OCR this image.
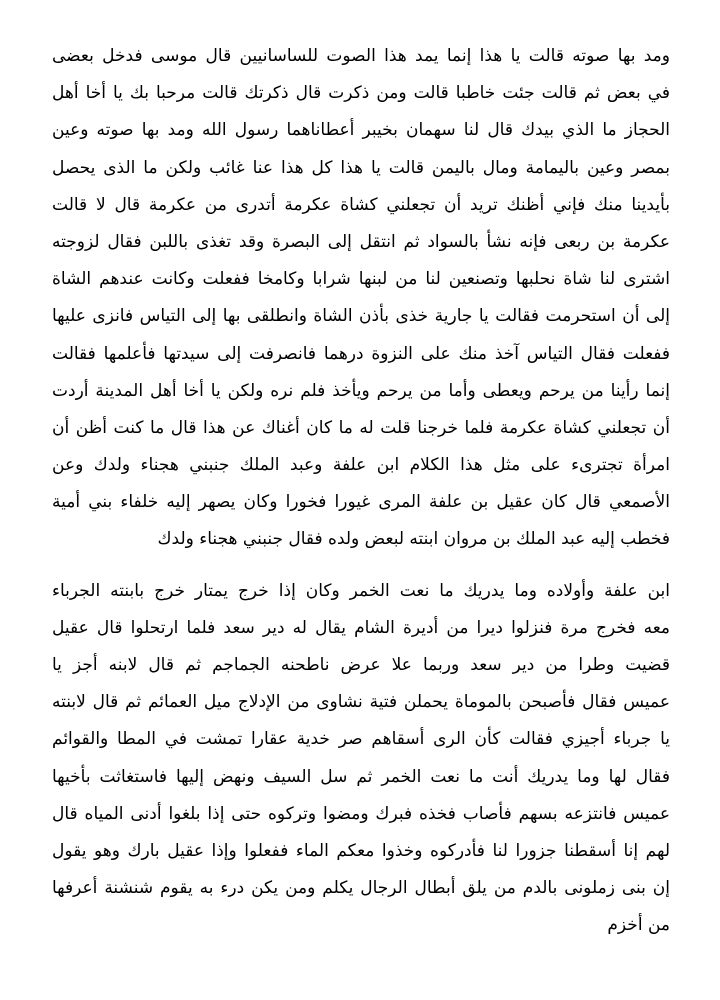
ومد بها صوته قالت يا هذا إنما يمد هذا الصوت للساسانيين قال موسى فدخل بعضى
في بعض ثم قالت جئت خاطبا قالت ومن ذكرت قال ذكرتك قالت مرحبا بك يا أخا أهل
الحجاز ما الذي بيدك قال لنا سهمان بخيبر أعطاناهما رسول الله ومد بها صوته وعين
بمصر وعين باليمامة ومال باليمن قالت يا هذا كل هذا عنا غائب ولكن ما الذى يحصل
بأيدينا منك فإني أظنك تريد أن تجعلني كشاة عكرمة أتدرى من عكرمة قال لا قالت
عكرمة بن ربعى فإنه نشأ بالسواد ثم انتقل إلى البصرة وقد تغذى باللبن فقال لزوجته
اشترى لنا شاة نحلبها وتصنعين لنا من لبنها شرابا وكامخا ففعلت وكانت عندهم الشاة
إلى أن استحرمت فقالت يا جارية خذى بأذن الشاة وانطلقى بها إلى التياس فانزى عليها
ففعلت فقال التياس آخذ منك على النزوة درهما فانصرفت إلى سيدتها فأعلمها فقالت
إنما رأينا من يرحم ويعطى وأما من يرحم ويأخذ فلم نره ولكن يا أخا أهل المدينة أردت
أن تجعلني كشاة عكرمة فلما خرجنا قلت له ما كان أغناك عن هذا قال ما كنت أظن أن
امرأة تجترىء على مثل هذا الكلام ابن علفة وعبد الملك جنبني هجناء ولدك وعن
الأصمعي قال كان عقيل بن علفة المرى غيورا فخورا وكان يصهر إليه خلفاء بني أمية
فخطب إليه عبد الملك بن مروان ابنته لبعض ولده فقال جنبني هجناء ولدك
ابن علفة وأولاده وما يدريك ما نعت الخمر وكان إذا خرج يمتار خرج بابنته الجرباء
معه فخرج مرة فنزلوا ديرا من أديرة الشام يقال له دير سعد فلما ارتحلوا قال عقيل
قضيت وطرا من دير سعد وربما علا عرض ناطحنه الجماجم ثم قال لابنه أجز يا
عميس فقال فأصبحن بالموماة يحملن فتية نشاوى من الإدلاج ميل العمائم ثم قال لابنته
يا جرباء أجيزي فقالت كأن الرى أسقاهم صر خدية عقارا تمشت في المطا والقوائم
فقال لها وما يدريك أنت ما نعت الخمر ثم سل السيف ونهض إليها فاستغاثت بأخيها
عميس فانتزعه بسهم فأصاب فخذه فبرك ومضوا وتركوه حتى إذا بلغوا أدنى المياه قال
لهم إنا أسقطنا جزورا لنا فأدركوه وخذوا معكم الماء ففعلوا وإذا عقيل بارك وهو يقول
إن بنى زملونى بالدم من يلق أبطال الرجال يكلم ومن يكن درء به يقوم شنشنة أعرفها
من أخزم
